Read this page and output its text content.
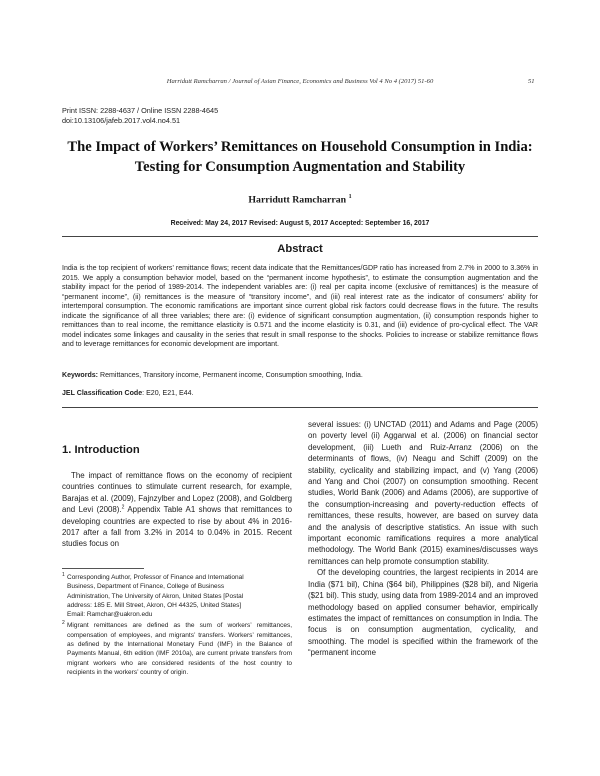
Harridutt Ramcharran / Journal of Asian Finance, Economics and Business Vol 4 No 4 (2017) 51-60	51
Print ISSN: 2288-4637 / Online ISSN 2288-4645
doi:10.13106/jafeb.2017.vol4.no4.51
The Impact of Workers’ Remittances on Household Consumption in India:
Testing for Consumption Augmentation and Stability
Harridutt Ramcharran $^1$
Received: May 24, 2017 Revised: August 5, 2017 Accepted: September 16, 2017
Abstract
India is the top recipient of workers’ remittance flows; recent data indicate that the Remittances/GDP ratio has increased from 2.7% in 2000 to 3.36% in 2015. We apply a consumption behavior model, based on the “permanent income hypothesis”, to estimate the consumption augmentation and the stability impact for the period of 1989-2014. The independent variables are: (i) real per capita income (exclusive of remittances) is the measure of “permanent income”, (ii) remittances is the measure of “transitory income”, and (iii) real interest rate as the indicator of consumers’ ability for intertemporal consumption. The economic ramifications are important since current global risk factors could decrease flows in the future. The results indicate the significance of all three variables; there are: (i) evidence of significant consumption augmentation, (ii) consumption responds higher to remittances than to real income, the remittance elasticity is 0.571 and the income elasticity is 0.31, and (iii) evidence of pro-cyclical effect. The VAR model indicates some linkages and causality in the series that result in small response to the shocks. Policies to increase or stabilize remittance flows and to leverage remittances for economic development are important.
Keywords: Remittances, Transitory income, Permanent income, Consumption smoothing, India.
JEL Classification Code: E20, E21, E44.
1. Introduction

The impact of remittance flows on the economy of recipient countries continues to stimulate current research, for example, Barajas et al. (2009), Fajnzylber and Lopez (2008), and Goldberg and Levi (2008).$^2$ Appendix Table A1 shows that remittances to developing countries are expected to rise by about 4% in 2016-2017 after a fall from 3.2% in 2014 to 0.04% in 2015. Recent studies focus on

1 Corresponding Author, Professor of Finance and International
Business, Department of Finance, College of Business
Administration, The University of Akron, United States [Postal
address: 185 E. Mill Street, Akron, OH 44325, United States]
Email: Ramchar@uakron.edu
2 Migrant remittances are defined as the sum of workers’ remittances, compensation of employees, and migrants’ transfers. Workers’ remittances, as defined by the International Monetary Fund (IMF) in the Balance of Payments Manual, 6th edition (IMF 2010a), are current private transfers from migrant workers who are considered residents of the host country to recipients in the workers’ country of origin.

several issues: (i) UNCTAD (2011) and Adams and Page (2005) on poverty level (ii) Aggarwal et al. (2006) on financial sector development, (iii) Lueth and Ruiz-Arranz (2006) on the determinants of flows, (iv) Neagu and Schiff (2009) on the stability, cyclicality and stabilizing impact, and (v) Yang (2006) and Yang and Choi (2007) on consumption smoothing. Recent studies, World Bank (2006) and Adams (2006), are supportive of the consumption-increasing and poverty-reduction effects of remittances, these results, however, are based on survey data and the analysis of descriptive statistics. An issue with such important economic ramifications requires a more analytical methodology. The World Bank (2015) examines/discusses ways remittances can help promote consumption stability.

Of the developing countries, the largest recipients in 2014 are India ($71 bil), China ($64 bil), Philippines ($28 bil), and Nigeria ($21 bil). This study, using data from 1989-2014 and an improved methodology based on applied consumer behavior, empirically estimates the impact of remittances on consumption in India. The focus is on consumption augmentation, cyclicality, and smoothing. The model is specified within the framework of the “permanent income
